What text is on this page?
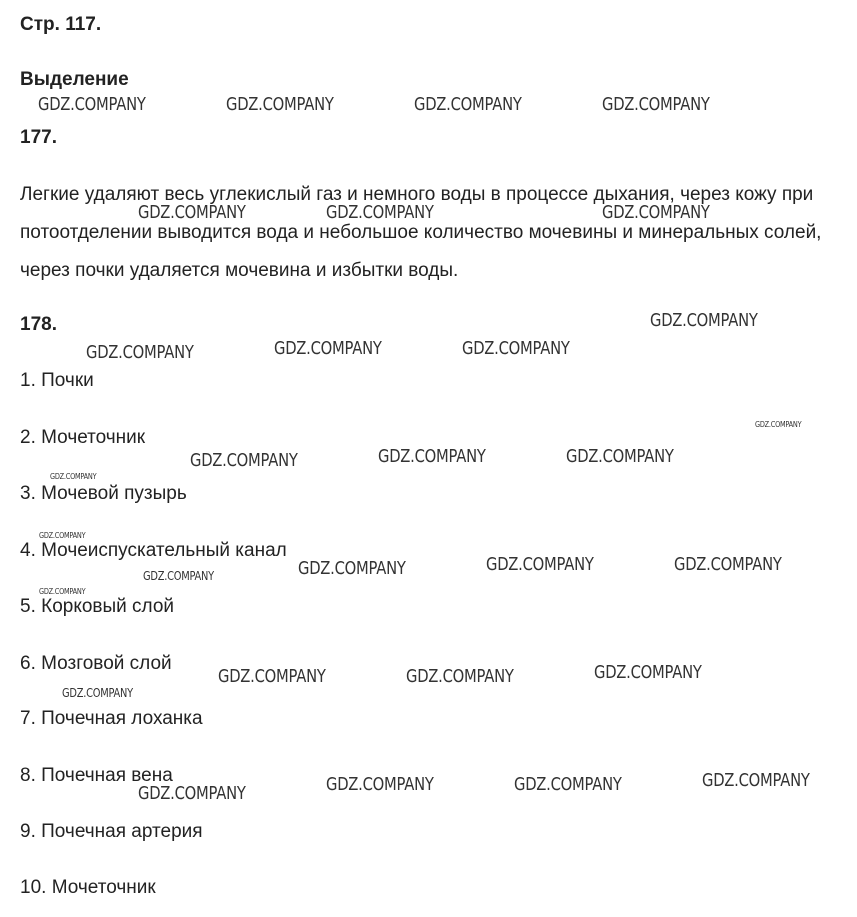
Стр. 117.
Выделение
177.
Легкие удаляют весь углекислый газ и немного воды в процессе дыхания, через кожу при потоотделении выводится вода и небольшое количество мочевины и минеральных солей, через почки удаляется мочевина и избытки воды.
178.
1. Почки
2. Мочеточник
3. Мочевой пузырь
4. Мочеиспускательный канал
5. Корковый слой
6. Мозговой слой
7. Почечная лоханка
8. Почечная вена
9. Почечная артерия
10. Мочеточник
GDZ.COMPANY	GDZ.COMPANY	GDZ.COMPANY	GDZ.COMPANY
GDZ.COMPANY	GDZ.COMPANY	GDZ.COMPANY
GDZ.COMPANY
GDZ.COMPANY	GDZ.COMPANY	GDZ.COMPANY
GDZ.COMPANY
GDZ.COMPANY	GDZ.COMPANY	GDZ.COMPANY
GDZ.COMPANY
GDZ.COMPANY
GDZ.COMPANY	GDZ.COMPANY	GDZ.COMPANY
GDZ.COMPANY
GDZ.COMPANY
GDZ.COMPANY	GDZ.COMPANY	GDZ.COMPANY
GDZ.COMPANY
GDZ.COMPANY	GDZ.COMPANY	GDZ.COMPANY	GDZ.COMPANY
